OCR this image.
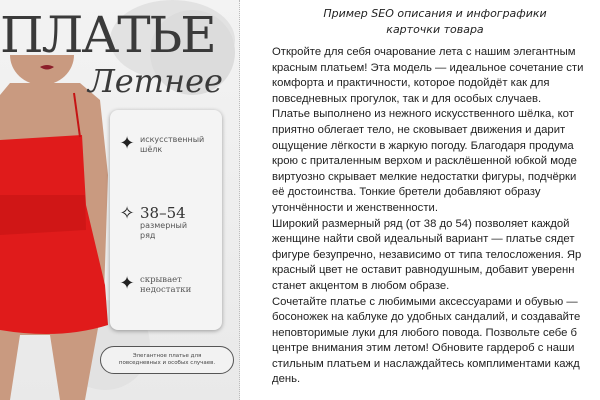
ПЛАТЬЕ
Летнее
✦ искусственный
шёлк
✧ 38–54
размерный
ряд
✦ скрывает
недостатки
Элегантное платье для
повседневных и особых случаев.
Пример SEO описания и инфографики
карточки товара
Откройте для себя очарование лета с нашим элегантным
красным платьем! Эта модель — идеальное сочетание сти
комфорта и практичности, которое подойдёт как для
повседневных прогулок, так и для особых случаев.
Платье выполнено из нежного искусственного шёлка, кот
приятно облегает тело, не сковывает движения и дарит
ощущение лёгкости в жаркую погоду. Благодаря продума
крою с приталенным верхом и расклёшенной юбкой моде
виртуозно скрывает мелкие недостатки фигуры, подчёрки
её достоинства. Тонкие бретели добавляют образу
утончённости и женственности.
Широкий размерный ряд (от 38 до 54) позволяет каждой
женщине найти свой идеальный вариант — платье сядет
фигуре безупречно, независимо от типа телосложения. Яр
красный цвет не оставит равнодушным, добавит уверенн
станет акцентом в любом образе.
Сочетайте платье с любимыми аксессуарами и обувью —
босоножек на каблуке до удобных сандалий, и создавайте
неповторимые луки для любого повода. Позвольте себе б
центре внимания этим летом! Обновите гардероб с наши
стильным платьем и наслаждайтесь комплиментами кажд
день.
